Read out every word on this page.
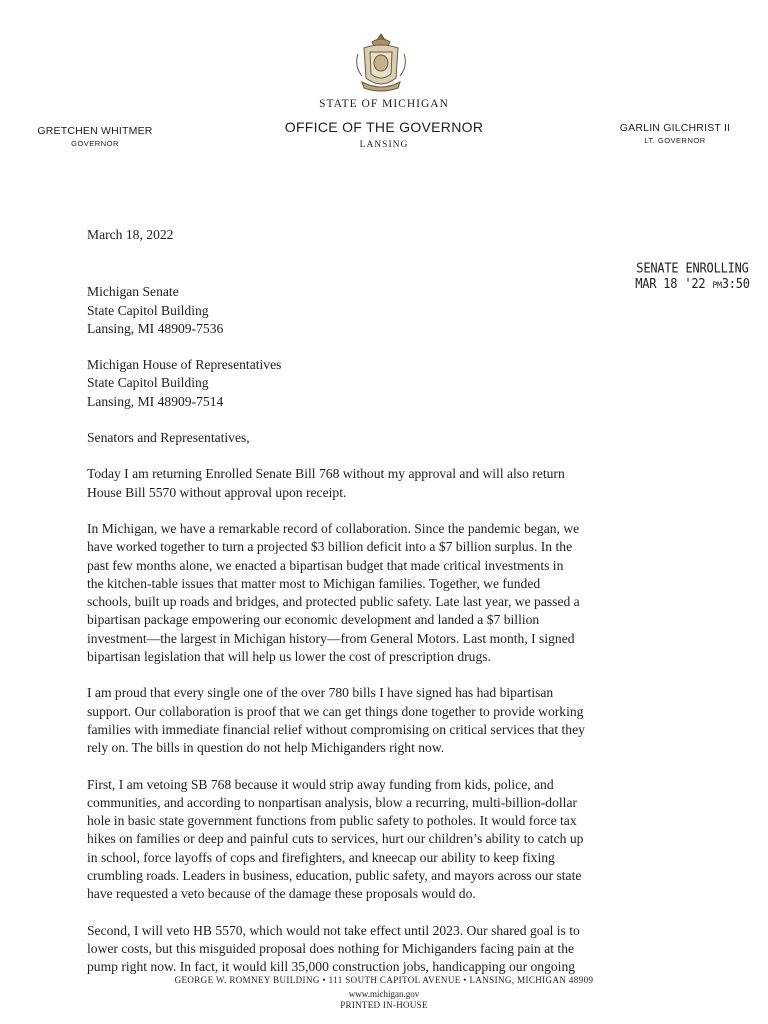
STATE OF MICHIGAN
OFFICE OF THE GOVERNOR
LANSING
GRETCHEN WHITMER
GOVERNOR
GARLIN GILCHRIST II
LT. GOVERNOR
SENATE ENROLLING
MAR 18 '22 PM3:50

March 18, 2022

Michigan Senate

State Capitol Building

Lansing, MI 48909-7536

Michigan House of Representatives

State Capitol Building

Lansing, MI 48909-7514

Senators and Representatives,

Today I am returning Enrolled Senate Bill 768 without my approval and will also return
House Bill 5570 without approval upon receipt.

In Michigan, we have a remarkable record of collaboration. Since the pandemic began, we
have worked together to turn a projected $3 billion deficit into a $7 billion surplus. In the
past few months alone, we enacted a bipartisan budget that made critical investments in
the kitchen-table issues that matter most to Michigan families. Together, we funded
schools, built up roads and bridges, and protected public safety. Late last year, we passed a
bipartisan package empowering our economic development and landed a $7 billion
investment—the largest in Michigan history—from General Motors. Last month, I signed
bipartisan legislation that will help us lower the cost of prescription drugs.

I am proud that every single one of the over 780 bills I have signed has had bipartisan
support. Our collaboration is proof that we can get things done together to provide working
families with immediate financial relief without compromising on critical services that they
rely on. The bills in question do not help Michiganders right now.

First, I am vetoing SB 768 because it would strip away funding from kids, police, and
communities, and according to nonpartisan analysis, blow a recurring, multi-billion-dollar
hole in basic state government functions from public safety to potholes. It would force tax
hikes on families or deep and painful cuts to services, hurt our children’s ability to catch up
in school, force layoffs of cops and firefighters, and kneecap our ability to keep fixing
crumbling roads. Leaders in business, education, public safety, and mayors across our state
have requested a veto because of the damage these proposals would do.

Second, I will veto HB 5570, which would not take effect until 2023. Our shared goal is to
lower costs, but this misguided proposal does nothing for Michiganders facing pain at the
pump right now. In fact, it would kill 35,000 construction jobs, handicapping our ongoing

GEORGE W. ROMNEY BUILDING • 111 SOUTH CAPITOL AVENUE • LANSING, MICHIGAN 48909
www.michigan.gov
PRINTED IN-HOUSE
